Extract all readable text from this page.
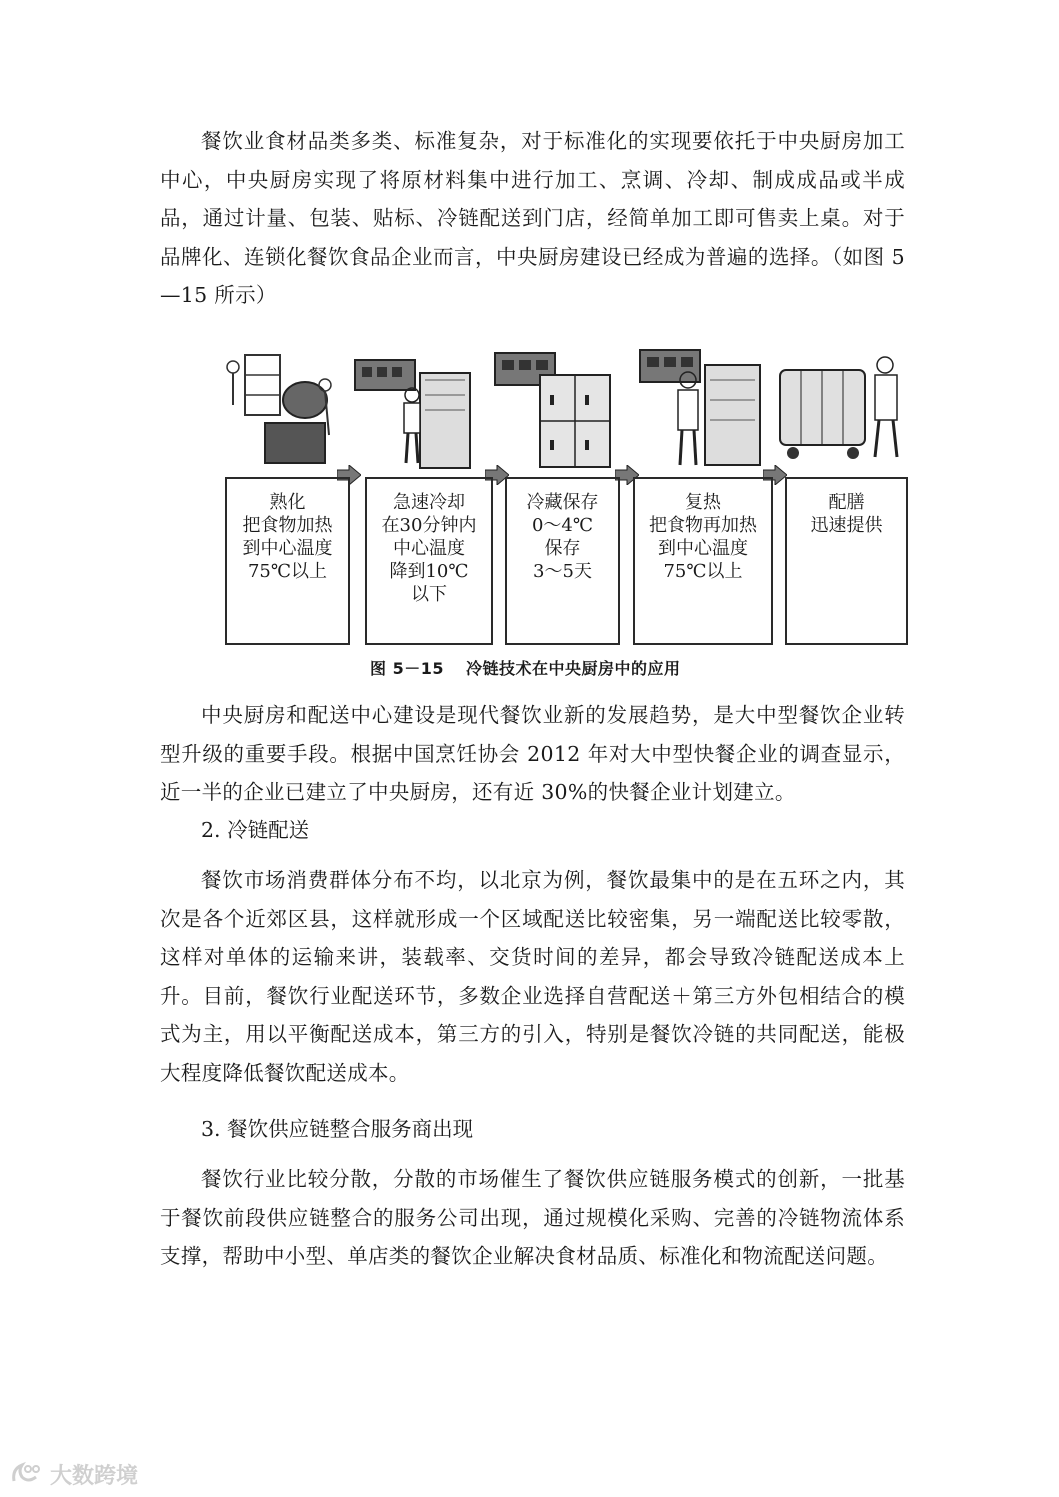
餐饮业食材品类多类、标准复杂，对于标准化的实现要依托于中央厨房加工中心，中央厨房实现了将原材料集中进行加工、烹调、冷却、制成成品或半成品，通过计量、包装、贴标、冷链配送到门店，经简单加工即可售卖上桌。对于品牌化、连锁化餐饮食品企业而言，中央厨房建设已经成为普遍的选择。（如图 5—15 所示）

熟化
把食物加热
到中心温度
75℃以上
急速冷却
在30分钟内
中心温度
降到10℃
以下
冷藏保存
0～4℃
保存
3～5天
复热
把食物再加热
到中心温度
75℃以上
配膳
迅速提供
图 5－15 冷链技术在中央厨房中的应用

中央厨房和配送中心建设是现代餐饮业新的发展趋势，是大中型餐饮企业转型升级的重要手段。根据中国烹饪协会 2012 年对大中型快餐企业的调查显示，近一半的企业已建立了中央厨房，还有近 30%的快餐企业计划建立。

2. 冷链配送

餐饮市场消费群体分布不均，以北京为例，餐饮最集中的是在五环之内，其次是各个近郊区县，这样就形成一个区域配送比较密集，另一端配送比较零散，这样对单体的运输来讲，装载率、交货时间的差异，都会导致冷链配送成本上升。目前，餐饮行业配送环节，多数企业选择自营配送＋第三方外包相结合的模式为主，用以平衡配送成本，第三方的引入，特别是餐饮冷链的共同配送，能极大程度降低餐饮配送成本。

3. 餐饮供应链整合服务商出现

餐饮行业比较分散，分散的市场催生了餐饮供应链服务模式的创新，一批基于餐饮前段供应链整合的服务公司出现，通过规模化采购、完善的冷链物流体系支撑，帮助中小型、单店类的餐饮企业解决食材品质、标准化和物流配送问题。

大数跨境
